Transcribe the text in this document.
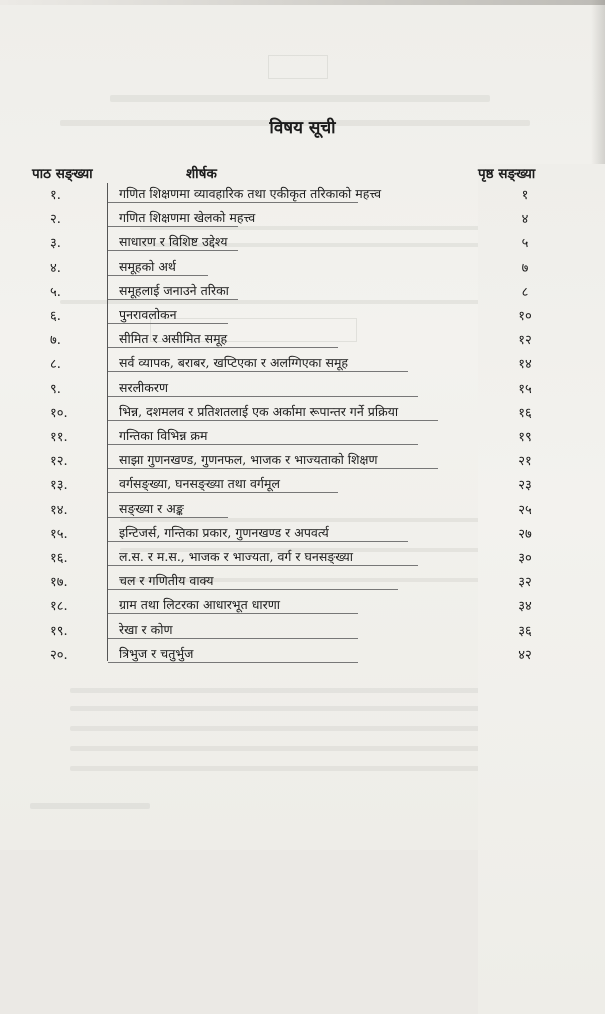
विषय सूची
पाठ सङ्ख्या	शीर्षक	पृष्ठ सङ्ख्या
१.	गणित शिक्षणमा व्यावहारिक तथा एकीकृत तरिकाको महत्त्व	१
२.	गणित शिक्षणमा खेलको महत्त्व	४
३.	साधारण र विशिष्ट उद्देश्य	५
४.	समूहको अर्थ	७
५.	समूहलाई जनाउने तरिका	८
६.	पुनरावलोकन	१०
७.	सीमित र असीमित समूह	१२
८.	सर्व व्यापक, बराबर, खप्टिएका र अलग्गिएका समूह	१४
९.	सरलीकरण	१५
१०.	भिन्न, दशमलव र प्रतिशतलाई एक अर्कामा रूपान्तर गर्ने प्रक्रिया	१६
११.	गन्तिका विभिन्न क्रम	१९
१२.	साझा गुणनखण्ड, गुणनफल, भाजक र भाज्यताको शिक्षण	२१
१३.	वर्गसङ्ख्या, घनसङ्ख्या तथा वर्गमूल	२३
१४.	सङ्ख्या र अङ्क	२५
१५.	इन्टिजर्स, गन्तिका प्रकार, गुणनखण्ड र अपवर्त्य	२७
१६.	ल.स. र म.स., भाजक र भाज्यता, वर्ग र घनसङ्ख्या	३०
१७.	चल र गणितीय वाक्य	३२
१८.	ग्राम तथा लिटरका आधारभूत धारणा	३४
१९.	रेखा र कोण	३६
२०.	त्रिभुज र चतुर्भुज	४२
